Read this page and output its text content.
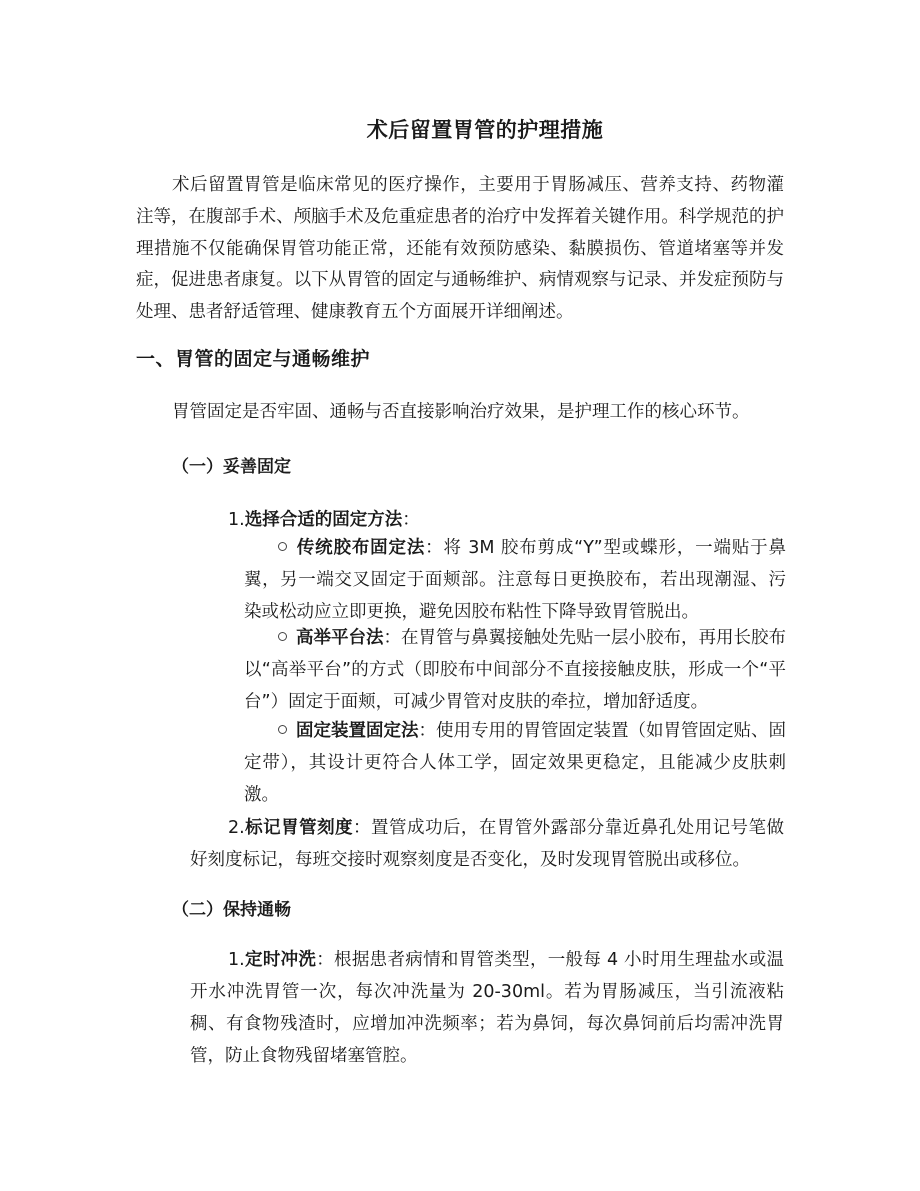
术后留置胃管的护理措施
术后留置胃管是临床常见的医疗操作，主要用于胃肠减压、营养支持、药物灌注等，在腹部手术、颅脑手术及危重症患者的治疗中发挥着关键作用。科学规范的护理措施不仅能确保胃管功能正常，还能有效预防感染、黏膜损伤、管道堵塞等并发症，促进患者康复。以下从胃管的固定与通畅维护、病情观察与记录、并发症预防与处理、患者舒适管理、健康教育五个方面展开详细阐述。
一、胃管的固定与通畅维护
胃管固定是否牢固、通畅与否直接影响治疗效果，是护理工作的核心环节。
（一）妥善固定
1.选择合适的固定方法：
传统胶布固定法：将 3M 胶布剪成“Y”型或蝶形，一端贴于鼻翼，另一端交叉固定于面颊部。注意每日更换胶布，若出现潮湿、污染或松动应立即更换，避免因胶布粘性下降导致胃管脱出。
高举平台法：在胃管与鼻翼接触处先贴一层小胶布，再用长胶布以“高举平台”的方式（即胶布中间部分不直接接触皮肤，形成一个“平台”）固定于面颊，可减少胃管对皮肤的牵拉，增加舒适度。
固定装置固定法：使用专用的胃管固定装置（如胃管固定贴、固定带），其设计更符合人体工学，固定效果更稳定，且能减少皮肤刺激。
2.标记胃管刻度：置管成功后，在胃管外露部分靠近鼻孔处用记号笔做好刻度标记，每班交接时观察刻度是否变化，及时发现胃管脱出或移位。
（二）保持通畅
1.定时冲洗：根据患者病情和胃管类型，一般每 4 小时用生理盐水或温开水冲洗胃管一次，每次冲洗量为 20-30ml。若为胃肠减压，当引流液粘稠、有食物残渣时，应增加冲洗频率；若为鼻饲，每次鼻饲前后均需冲洗胃管，防止食物残留堵塞管腔。
